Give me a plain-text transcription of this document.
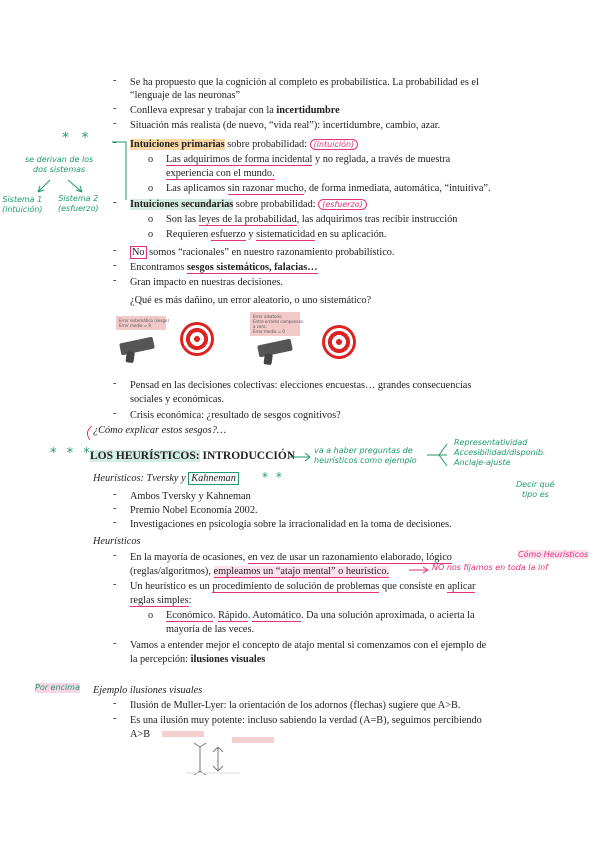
- Se ha propuesto que la cognición al completo es probabilística. La probabilidad es el
“lenguaje de las neuronas”
- Conlleva expresar y trabajar con la incertidumbre
- Situación más realista (de nuevo, “vida real”): incertidumbre, cambio, azar.
- Intuiciones primarias sobre probabilidad: (intuición)
o Las adquirimos de forma incidental y no reglada, a través de muestra
experiencia con el mundo.
o Las aplicamos sin razonar mucho, de forma inmediata, automática, “intuitiva”.
- Intuiciones secundarias sobre probabilidad: (esfuerzo)
o Son las leyes de la probabilidad, las adquirimos tras recibir instrucción
o Requieren esfuerzo y sistematicidad en su aplicación.
- No somos “racionales” en nuestro razonamiento probabilístico.
- Encontramos sesgos sistemáticos, falacias…
- Gran impacto en nuestras decisiones.
¿Qué es más dañino, un error aleatorio, o uno sistemático?
Error sistemático (sesgo)
Error medio = 8
Error aleatorio
Entre errores compensan
a cero.
Error medio = 0
- Pensad en las decisiones colectivas: elecciones encuestas… grandes consecuencias
sociales y económicas.
- Crisis económica: ¿resultado de sesgos cognitivos?
¿Cómo explicar estos sesgos?…
LOS HEURÍSTICOS: INTRODUCCIÓN
Heurísticos: Tversky y Kahneman
- Ambos Tversky y Kahneman
- Premio Nobel Economía 2002.
- Investigaciones en psicología sobre la irracionalidad en la toma de decisiones.
Heurísticos
- En la mayoría de ocasiones, en vez de usar un razonamiento elaborado, lógico
(reglas/algoritmos), empleamos un “atajo mental” o heurístico.
- Un heurístico es un procedimiento de solución de problemas que consiste en aplicar
reglas simples:
o Económico. Rápido. Automático. Da una solución aproximada, o acierta la
mayoría de las veces.
- Vamos a entender mejor el concepto de atajo mental si comenzamos con el ejemplo de
la percepción: ilusiones visuales
Ejemplo ilusiones visuales
- Ilusión de Muller-Lyer: la orientación de los adornos (flechas) sugiere que A>B.
- Es una ilusión muy potente: incluso sabiendo la verdad (A=B), seguimos percibiendo
A>B
* *
se derivan de los
dos sistemas
Sistema 1
(intuición)
Sistema 2
(esfuerzo)
* * *	va a haber preguntas de
heurísticos como ejemplo
Representatividad
Accesibilidad/disponib.
Anclaje-ajuste
* *
Decir qué
tipo es
Cómo Heurísticos
NO nos fijamos en toda la inf
Por encima
